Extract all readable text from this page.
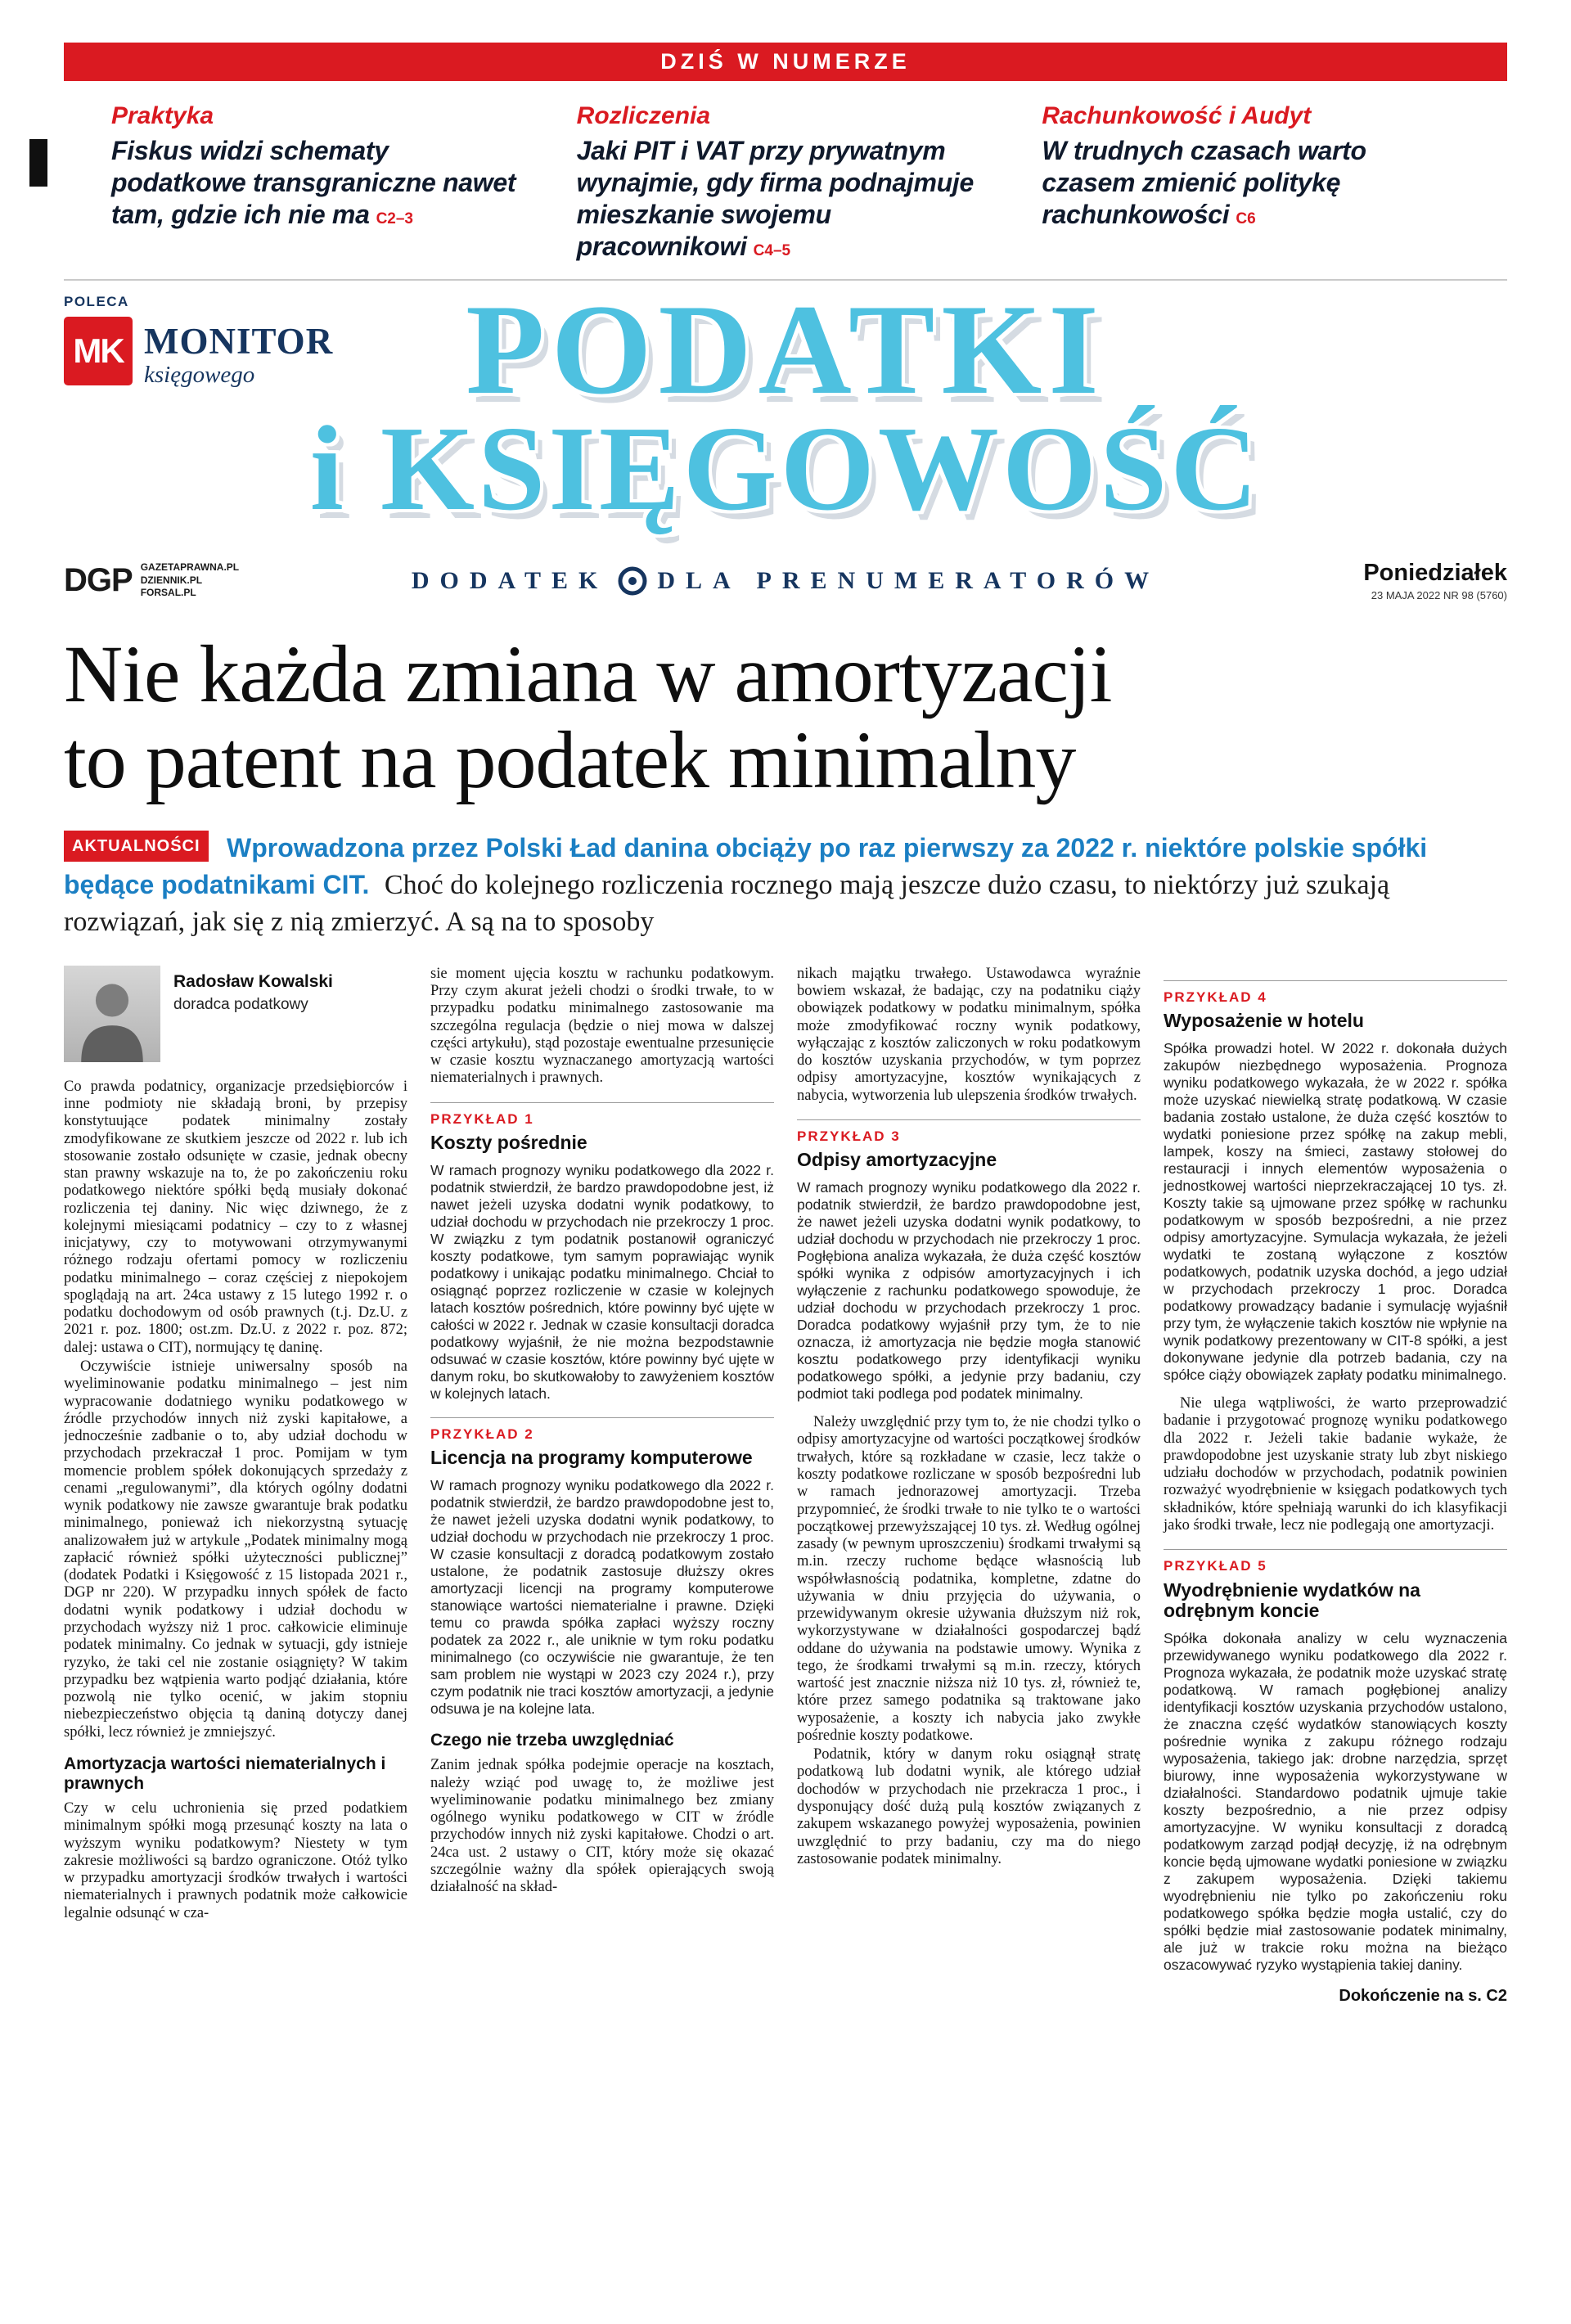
DZIŚ W NUMERZE
Praktyka
Fiskus widzi schematy podatkowe transgraniczne nawet tam, gdzie ich nie ma C2–3
Rozliczenia
Jaki PIT i VAT przy prywatnym wynajmie, gdy firma podnajmuje mieszkanie swojemu pracownikowi C4–5
Rachunkowość i Audyt
W trudnych czasach warto czasem zmienić politykę rachunkowości C6
POLECA
MK MONITOR
księgowego	PODATKI
i KSIĘGOWOŚĆ
DGP GAZETAPRAWNA.PL
DZIENNIK.PL
FORSAL.PL	DODATEK DLA PRENUMERATORÓW	Poniedziałek
23 MAJA 2022 NR 98 (5760)
Nie każda zmiana w amortyzacji
to patent na podatek minimalny
AKTUALNOŚCI Wprowadzona przez Polski Ład danina obciąży po raz pierwszy za 2022 r. niektóre polskie spółki będące podatnikami CIT. Choć do kolejnego rozliczenia rocznego mają jeszcze dużo czasu, to niektórzy już szukają rozwiązań, jak się z nią zmierzyć. A są na to sposoby
Radosław Kowalski
doradca podatkowy

Co prawda podatnicy, organizacje przedsiębiorców i inne podmioty nie składają broni, by przepisy konstytuujące podatek minimalny zostały zmodyfikowane ze skutkiem jeszcze od 2022 r. lub ich stosowanie zostało odsunięte w czasie, jednak obecny stan prawny wskazuje na to, że po zakończeniu roku podatkowego niektóre spółki będą musiały dokonać rozliczenia tej daniny. Nic więc dziwnego, że z kolejnymi miesiącami podatnicy – czy to z własnej inicjatywy, czy to motywowani otrzymywanymi różnego rodzaju ofertami pomocy w rozliczeniu podatku minimalnego – coraz częściej z niepokojem spoglądają na art. 24ca ustawy z 15 lutego 1992 r. o podatku dochodowym od osób prawnych (t.j. Dz.U. z 2021 r. poz. 1800; ost.zm. Dz.U. z 2022 r. poz. 872; dalej: ustawa o CIT), normujący tę daninę.

Oczywiście istnieje uniwersalny sposób na wyeliminowanie podatku minimalnego – jest nim wypracowanie dodatniego wyniku podatkowego w źródle przychodów innych niż zyski kapitałowe, a jednocześnie zadbanie o to, aby udział dochodu w przychodach przekraczał 1 proc. Pomijam w tym momencie problem spółek dokonujących sprzedaży z cenami „regulowanymi”, dla których ogólny dodatni wynik podatkowy nie zawsze gwarantuje brak podatku minimalnego, ponieważ ich niekorzystną sytuację analizowałem już w artykule „Podatek minimalny mogą zapłacić również spółki użyteczności publicznej” (dodatek Podatki i Księgowość z 15 listopada 2021 r., DGP nr 220). W przypadku innych spółek de facto dodatni wynik podatkowy i udział dochodu w przychodach wyższy niż 1 proc. całkowicie eliminuje podatek minimalny. Co jednak w sytuacji, gdy istnieje ryzyko, że taki cel nie zostanie osiągnięty? W takim przypadku bez wątpienia warto podjąć działania, które pozwolą nie tylko ocenić, w jakim stopniu niebezpieczeństwo objęcia tą daniną dotyczy danej spółki, lecz również je zmniejszyć.

Amortyzacja wartości niematerialnych i prawnych

Czy w celu uchronienia się przed podatkiem minimalnym spółki mogą przesunąć koszty na lata o wyższym wyniku podatkowym? Niestety w tym zakresie możliwości są bardzo ograniczone. Otóż tylko w przypadku amortyzacji środków trwałych i wartości niematerialnych i prawnych podatnik może całkowicie legalnie odsunąć w cza-

sie moment ujęcia kosztu w rachunku podatkowym. Przy czym akurat jeżeli chodzi o środki trwałe, to w przypadku podatku minimalnego zastosowanie ma szczególna regulacja (będzie o niej mowa w dalszej części artykułu), stąd pozostaje ewentualne przesunięcie w czasie kosztu wyznaczanego amortyzacją wartości niematerialnych i prawnych.

PRZYKŁAD 1
Koszty pośrednie
W ramach prognozy wyniku podatkowego dla 2022 r. podatnik stwierdził, że bardzo prawdopodobne jest, iż nawet jeżeli uzyska dodatni wynik podatkowy, to udział dochodu w przychodach nie przekroczy 1 proc. W związku z tym podatnik postanowił ograniczyć koszty podatkowe, tym samym poprawiając wynik podatkowy i unikając podatku minimalnego. Chciał to osiągnąć poprzez rozliczenie w czasie w kolejnych latach kosztów pośrednich, które powinny być ujęte w całości w 2022 r. Jednak w czasie konsultacji doradca podatkowy wyjaśnił, że nie można bezpodstawnie odsuwać w czasie kosztów, które powinny być ujęte w danym roku, bo skutkowałoby to zawyżeniem kosztów w kolejnych latach.
PRZYKŁAD 2
Licencja na programy komputerowe
W ramach prognozy wyniku podatkowego dla 2022 r. podatnik stwierdził, że bardzo prawdopodobne jest to, że nawet jeżeli uzyska dodatni wynik podatkowy, to udział dochodu w przychodach nie przekroczy 1 proc. W czasie konsultacji z doradcą podatkowym zostało ustalone, że podatnik zastosuje dłuższy okres amortyzacji licencji na programy komputerowe stanowiące wartości niematerialne i prawne. Dzięki temu co prawda spółka zapłaci wyższy roczny podatek za 2022 r., ale uniknie w tym roku podatku minimalnego (co oczywiście nie gwarantuje, że ten sam problem nie wystąpi w 2023 czy 2024 r.), przy czym podatnik nie traci kosztów amortyzacji, a jedynie odsuwa je na kolejne lata.
Czego nie trzeba uwzględniać

Zanim jednak spółka podejmie operacje na kosztach, należy wziąć pod uwagę to, że możliwe jest wyeliminowanie podatku minimalnego bez zmiany ogólnego wyniku podatkowego w CIT w źródle przychodów innych niż zyski kapitałowe. Chodzi o art. 24ca ust. 2 ustawy o CIT, który może się okazać szczególnie ważny dla spółek opierających swoją działalność na skład-

nikach majątku trwałego. Ustawodawca wyraźnie bowiem wskazał, że badając, czy na podatniku ciąży obowiązek podatkowy w podatku minimalnym, spółka może zmodyfikować roczny wynik podatkowy, wyłączając z kosztów zaliczonych w roku podatkowym do kosztów uzyskania przychodów, w tym poprzez odpisy amortyzacyjne, kosztów wynikających z nabycia, wytworzenia lub ulepszenia środków trwałych.

PRZYKŁAD 3
Odpisy amortyzacyjne
W ramach prognozy wyniku podatkowego dla 2022 r. podatnik stwierdził, że bardzo prawdopodobne jest, że nawet jeżeli uzyska dodatni wynik podatkowy, to udział dochodu w przychodach nie przekroczy 1 proc. Pogłębiona analiza wykazała, że duża część kosztów spółki wynika z odpisów amortyzacyjnych i ich wyłączenie z rachunku podatkowego spowoduje, że udział dochodu w przychodach przekroczy 1 proc. Doradca podatkowy wyjaśnił przy tym, że to nie oznacza, iż amortyzacja nie będzie mogła stanowić kosztu podatkowego przy identyfikacji wyniku podatkowego spółki, a jedynie przy badaniu, czy podmiot taki podlega pod podatek minimalny.

Należy uwzględnić przy tym to, że nie chodzi tylko o odpisy amortyzacyjne od wartości początkowej środków trwałych, które są rozkładane w czasie, lecz także o koszty podatkowe rozliczane w sposób bezpośredni lub w ramach jednorazowej amortyzacji. Trzeba przypomnieć, że środki trwałe to nie tylko te o wartości początkowej przewyższającej 10 tys. zł. Według ogólnej zasady (w pewnym uproszczeniu) środkami trwałymi są m.in. rzeczy ruchome będące własnością lub współwłasnością podatnika, kompletne, zdatne do używania w dniu przyjęcia do używania, o przewidywanym okresie używania dłuższym niż rok, wykorzystywane w działalności gospodarczej bądź oddane do używania na podstawie umowy. Wynika z tego, że środkami trwałymi są m.in. rzeczy, których wartość jest znacznie niższa niż 10 tys. zł, również te, które przez samego podatnika są traktowane jako wyposażenie, a koszty ich nabycia jako zwykłe pośrednie koszty podatkowe.

Podatnik, który w danym roku osiągnął stratę podatkową lub dodatni wynik, ale którego udział dochodów w przychodach nie przekracza 1 proc., i dysponujący dość dużą pulą kosztów związanych z zakupem wskazanego powyżej wyposażenia, powinien uwzględnić to przy badaniu, czy ma do niego zastosowanie podatek minimalny.

PRZYKŁAD 4
Wyposażenie w hotelu
Spółka prowadzi hotel. W 2022 r. dokonała dużych zakupów niezbędnego wyposażenia. Prognoza wyniku podatkowego wykazała, że w 2022 r. spółka może uzyskać niewielką stratę podatkową. W czasie badania zostało ustalone, że duża część kosztów to wydatki poniesione przez spółkę na zakup mebli, lampek, koszy na śmieci, zastawy stołowej do restauracji i innych elementów wyposażenia o jednostkowej wartości nieprzekraczającej 10 tys. zł. Koszty takie są ujmowane przez spółkę w rachunku podatkowym w sposób bezpośredni, a nie przez odpisy amortyzacyjne. Symulacja wykazała, że jeżeli wydatki te zostaną wyłączone z kosztów podatkowych, podatnik uzyska dochód, a jego udział w przychodach przekroczy 1 proc. Doradca podatkowy prowadzący badanie i symulację wyjaśnił przy tym, że wyłączenie takich kosztów nie wpłynie na wynik podatkowy prezentowany w CIT-8 spółki, a jest dokonywane jedynie dla potrzeb badania, czy na spółce ciąży obowiązek zapłaty podatku minimalnego.

Nie ulega wątpliwości, że warto przeprowadzić badanie i przygotować prognozę wyniku podatkowego dla 2022 r. Jeżeli takie badanie wykaże, że prawdopodobne jest uzyskanie straty lub zbyt niskiego udziału dochodów w przychodach, podatnik powinien rozważyć wyodrębnienie w księgach podatkowych tych składników, które spełniają warunki do ich klasyfikacji jako środki trwałe, lecz nie podlegają one amortyzacji.

PRZYKŁAD 5
Wyodrębnienie wydatków na odrębnym koncie
Spółka dokonała analizy w celu wyznaczenia przewidywanego wyniku podatkowego dla 2022 r. Prognoza wykazała, że podatnik może uzyskać stratę podatkową. W ramach pogłębionej analizy identyfikacji kosztów uzyskania przychodów ustalono, że znaczna część wydatków stanowiących koszty pośrednie wynika z zakupu różnego rodzaju wyposażenia, takiego jak: drobne narzędzia, sprzęt biurowy, inne wyposażenia wykorzystywane w działalności. Standardowo podatnik ujmuje takie koszty bezpośrednio, a nie przez odpisy amortyzacyjne. W wyniku konsultacji z doradcą podatkowym zarząd podjął decyzję, iż na odrębnym koncie będą ujmowane wydatki poniesione w związku z zakupem wyposażenia. Dzięki takiemu wyodrębnieniu nie tylko po zakończeniu roku podatkowego spółka będzie mogła ustalić, czy do spółki będzie miał zastosowanie podatek minimalny, ale już w trakcie roku można na bieżąco oszacowywać ryzyko wystąpienia takiej daniny.
Dokończenie na s. C2
